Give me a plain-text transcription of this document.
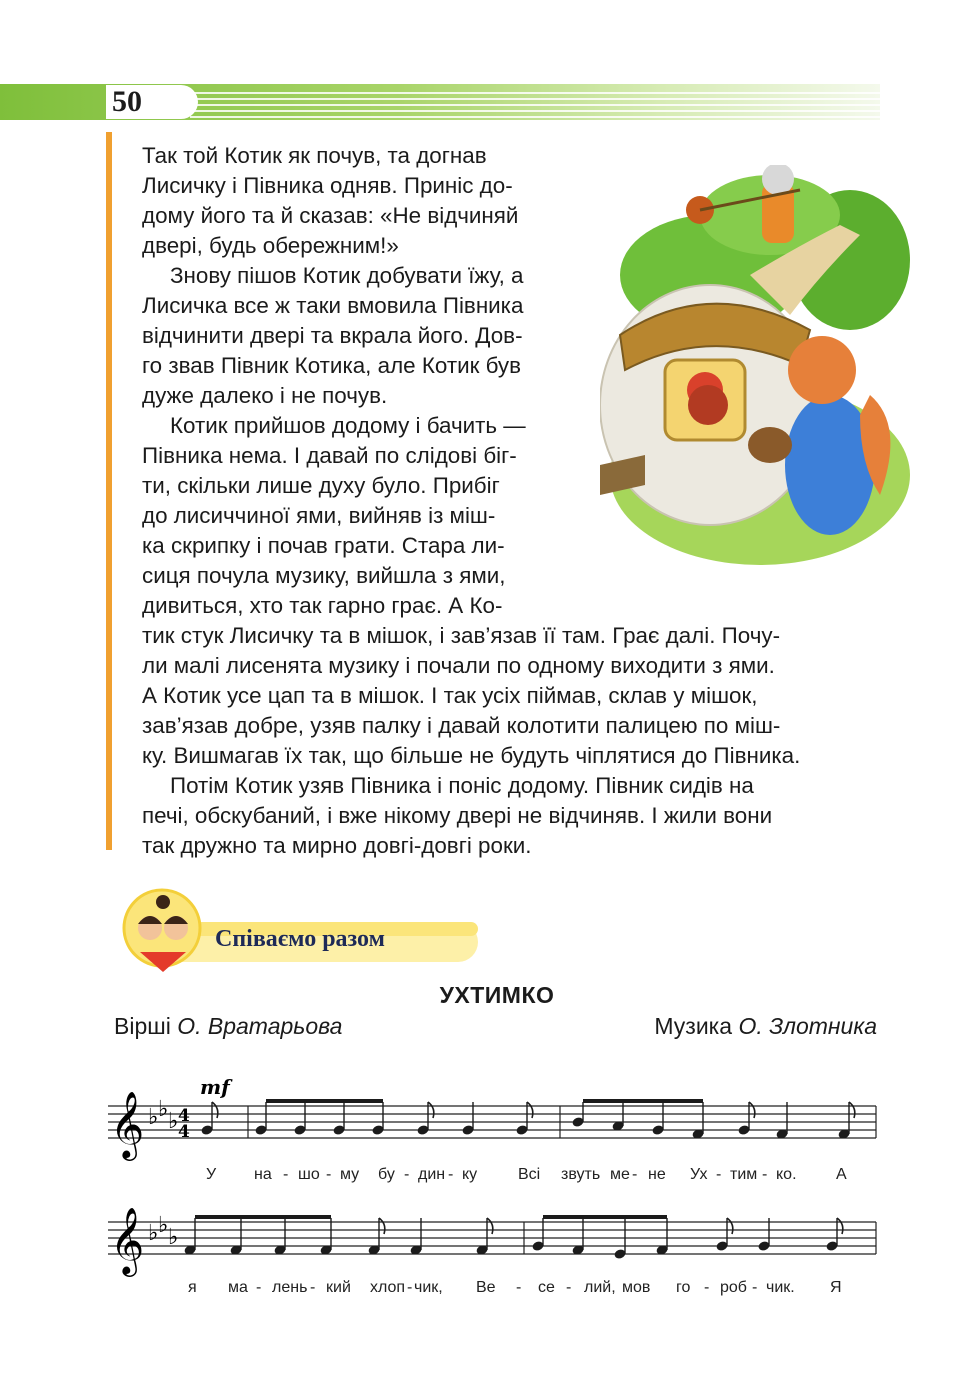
50

Так той Котик як почув, та догнав
Лисичку і Півника одняв. Приніс до-
дому його та й сказав: «Не відчиняй
двері, будь обережним!»

Знову пішов Котик добувати їжу, а
Лисичка все ж таки вмовила Півника
відчинити двері та вкрала його. Дов-
го звав Півник Котика, але Котик був
дуже далеко і не почув.

Котик прийшов додому і бачить —
Півника нема. І давай по слідові біг-
ти, скільки лише духу було. Прибіг
до лисиччиної ями, вийняв із міш-
ка скрипку і почав грати. Стара ли-
сиця почула музику, вийшла з ями,
дивиться, хто так гарно грає. А Ко-
тик стук Лисичку та в мішок, і зав’язав її там. Грає далі. Почу-
ли малі лисенята музику і почали по одному виходити з ями.
А Котик усе цап та в мішок. І так усіх піймав, склав у мішок,
зав’язав добре, узяв палку і давай колотити палицею по міш-
ку. Вишмагав їх так, що більше не будуть чіплятися до Півника.

Потім Котик узяв Півника і поніс додому. Півник сидів на
печі, обскубаний, і вже нікому двері не відчиняв. І жили вони
так дружно та мирно довгі-довгі роки.

Співаємо разом
УХТИМКО
Вірші О. Вратарьова	Музика О. Злотника
𝄞 ♭ ♭ ♭ 4
4
mf
У на - шо - му бу - дин - ку	Всі звуть ме - не Ух - тим - ко. А
𝄞 ♭ ♭ ♭
я ма - лень - кий хлоп - чик, Ве - се - лий, мов го - роб - чик. Я
